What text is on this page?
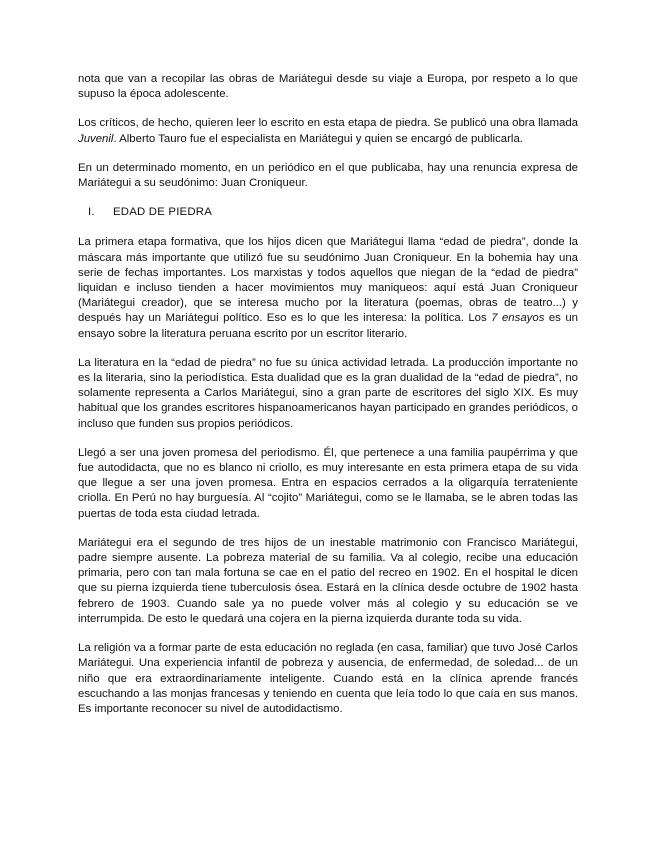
nota que van a recopilar las obras de Mariátegui desde su viaje a Europa, por respeto a lo que supuso la época adolescente.

Los críticos, de hecho, quieren leer lo escrito en esta etapa de piedra. Se publicó una obra llamada Juvenil. Alberto Tauro fue el especialista en Mariátegui y quien se encargó de publicarla.

En un determinado momento, en un periódico en el que publicaba, hay una renuncia expresa de Mariátegui a su seudónimo: Juan Croniqueur.

I.	EDAD DE PIEDRA

La primera etapa formativa, que los hijos dicen que Mariátegui llama “edad de piedra”, donde la máscara más importante que utilizó fue su seudónimo Juan Croniqueur. En la bohemia hay una serie de fechas importantes. Los marxistas y todos aquellos que niegan de la “edad de piedra” liquidan e incluso tienden a hacer movimientos muy maniqueos: aquí está Juan Croniqueur (Mariátegui creador), que se interesa mucho por la literatura (poemas, obras de teatro...) y después hay un Mariátegui político. Eso es lo que les interesa: la política. Los 7 ensayos es un ensayo sobre la literatura peruana escrito por un escritor literario.

La literatura en la “edad de piedra” no fue su única actividad letrada. La producción importante no es la literaria, sino la periodística. Esta dualidad que es la gran dualidad de la “edad de piedra”, no solamente representa a Carlos Mariátegui, sino a gran parte de escritores del siglo XIX. Es muy habitual que los grandes escritores hispanoamericanos hayan participado en grandes periódicos, o incluso que funden sus propios periódicos.

Llegó a ser una joven promesa del periodismo. Él, que pertenece a una familia paupérrima y que fue autodidacta, que no es blanco ni criollo, es muy interesante en esta primera etapa de su vida que llegue a ser una joven promesa. Entra en espacios cerrados a la oligarquía terrateniente criolla. En Perú no hay burguesía. Al “cojito” Mariátegui, como se le llamaba, se le abren todas las puertas de toda esta ciudad letrada.

Mariátegui era el segundo de tres hijos de un inestable matrimonio con Francisco Mariátegui, padre siempre ausente. La pobreza material de su familia. Va al colegio, recibe una educación primaria, pero con tan mala fortuna se cae en el patio del recreo en 1902. En el hospital le dicen que su pierna izquierda tiene tuberculosis ósea. Estará en la clínica desde octubre de 1902 hasta febrero de 1903. Cuando sale ya no puede volver más al colegio y su educación se ve interrumpida. De esto le quedará una cojera en la pierna izquierda durante toda su vida.

La religión va a formar parte de esta educación no reglada (en casa, familiar) que tuvo José Carlos Mariátegui. Una experiencia infantil de pobreza y ausencia, de enfermedad, de soledad... de un niño que era extraordinariamente inteligente. Cuando está en la clínica aprende francés escuchando a las monjas francesas y teniendo en cuenta que leía todo lo que caía en sus manos. Es importante reconocer su nivel de autodidactismo.
